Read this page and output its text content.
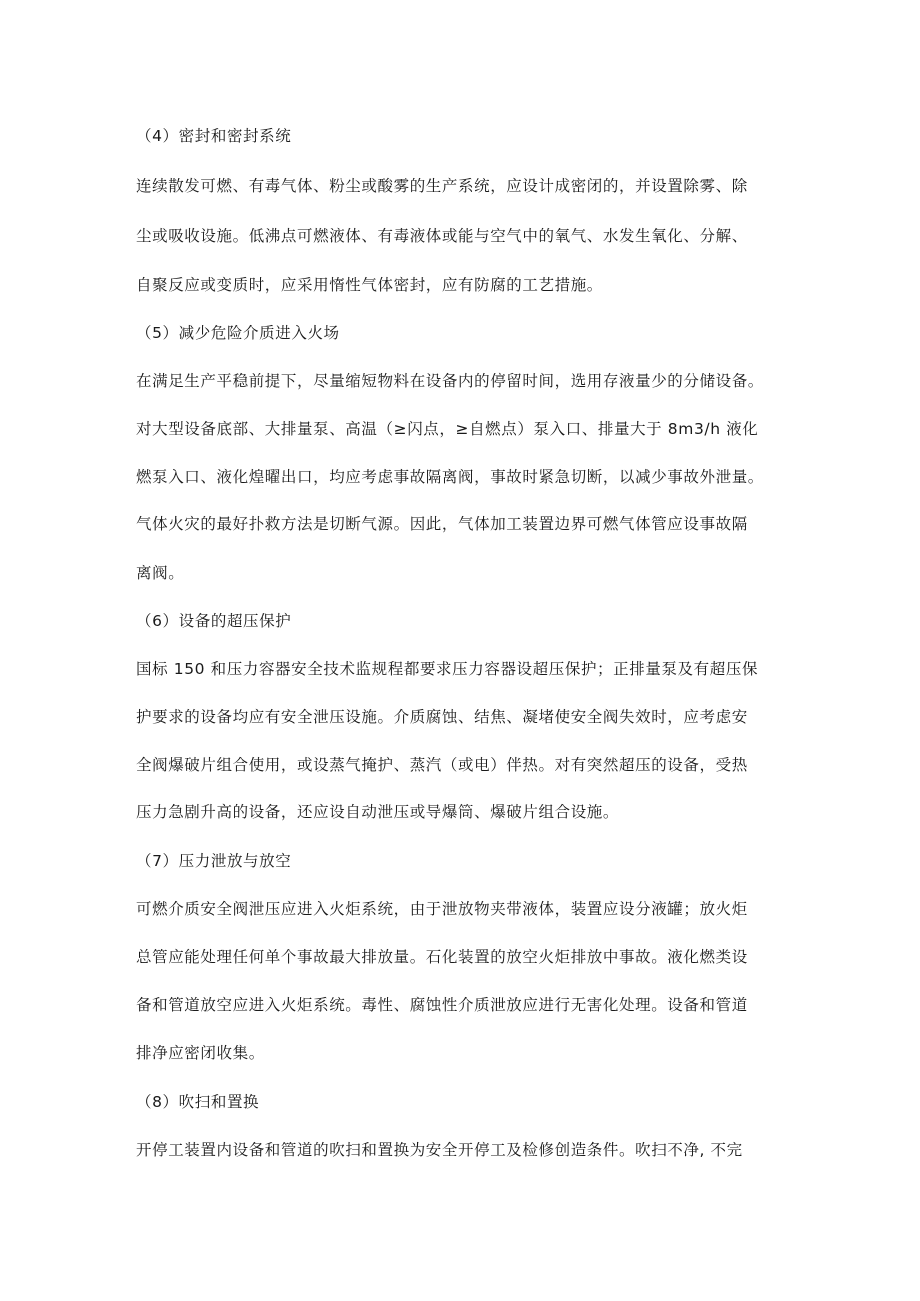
（4）密封和密封系统
连续散发可燃、有毒气体、粉尘或酸雾的生产系统，应设计成密闭的，并设置除雾、除
尘或吸收设施。低沸点可燃液体、有毒液体或能与空气中的氧气、水发生氧化、分解、
自聚反应或变质时，应采用惰性气体密封，应有防腐的工艺措施。
（5）减少危险介质进入火场
在满足生产平稳前提下，尽量缩短物料在设备内的停留时间，选用存液量少的分储设备。
对大型设备底部、大排量泵、高温（≥闪点，≥自燃点）泵入口、排量大于 8m3∕h 液化
燃泵入口、液化煌曜出口，均应考虑事故隔离阀，事故时紧急切断，以减少事故外泄量。
气体火灾的最好扑救方法是切断气源。因此，气体加工装置边界可燃气体管应设事故隔
离阀。
（6）设备的超压保护
国标 150 和压力容器安全技术监规程都要求压力容器设超压保护；正排量泵及有超压保
护要求的设备均应有安全泄压设施。介质腐蚀、结焦、凝堵使安全阀失效时，应考虑安
全阀爆破片组合使用，或设蒸气掩护、蒸汽（或电）伴热。对有突然超压的设备，受热
压力急剧升高的设备，还应设自动泄压或导爆筒、爆破片组合设施。
（7）压力泄放与放空
可燃介质安全阀泄压应进入火炬系统，由于泄放物夹带液体，装置应设分液罐；放火炬
总管应能处理任何单个事故最大排放量。石化装置的放空火炬排放中事故。液化燃类设
备和管道放空应进入火炬系统。毒性、腐蚀性介质泄放应进行无害化处理。设备和管道
排净应密闭收集。
（8）吹扫和置换
开停工装置内设备和管道的吹扫和置换为安全开停工及检修创造条件。吹扫不净, 不完
